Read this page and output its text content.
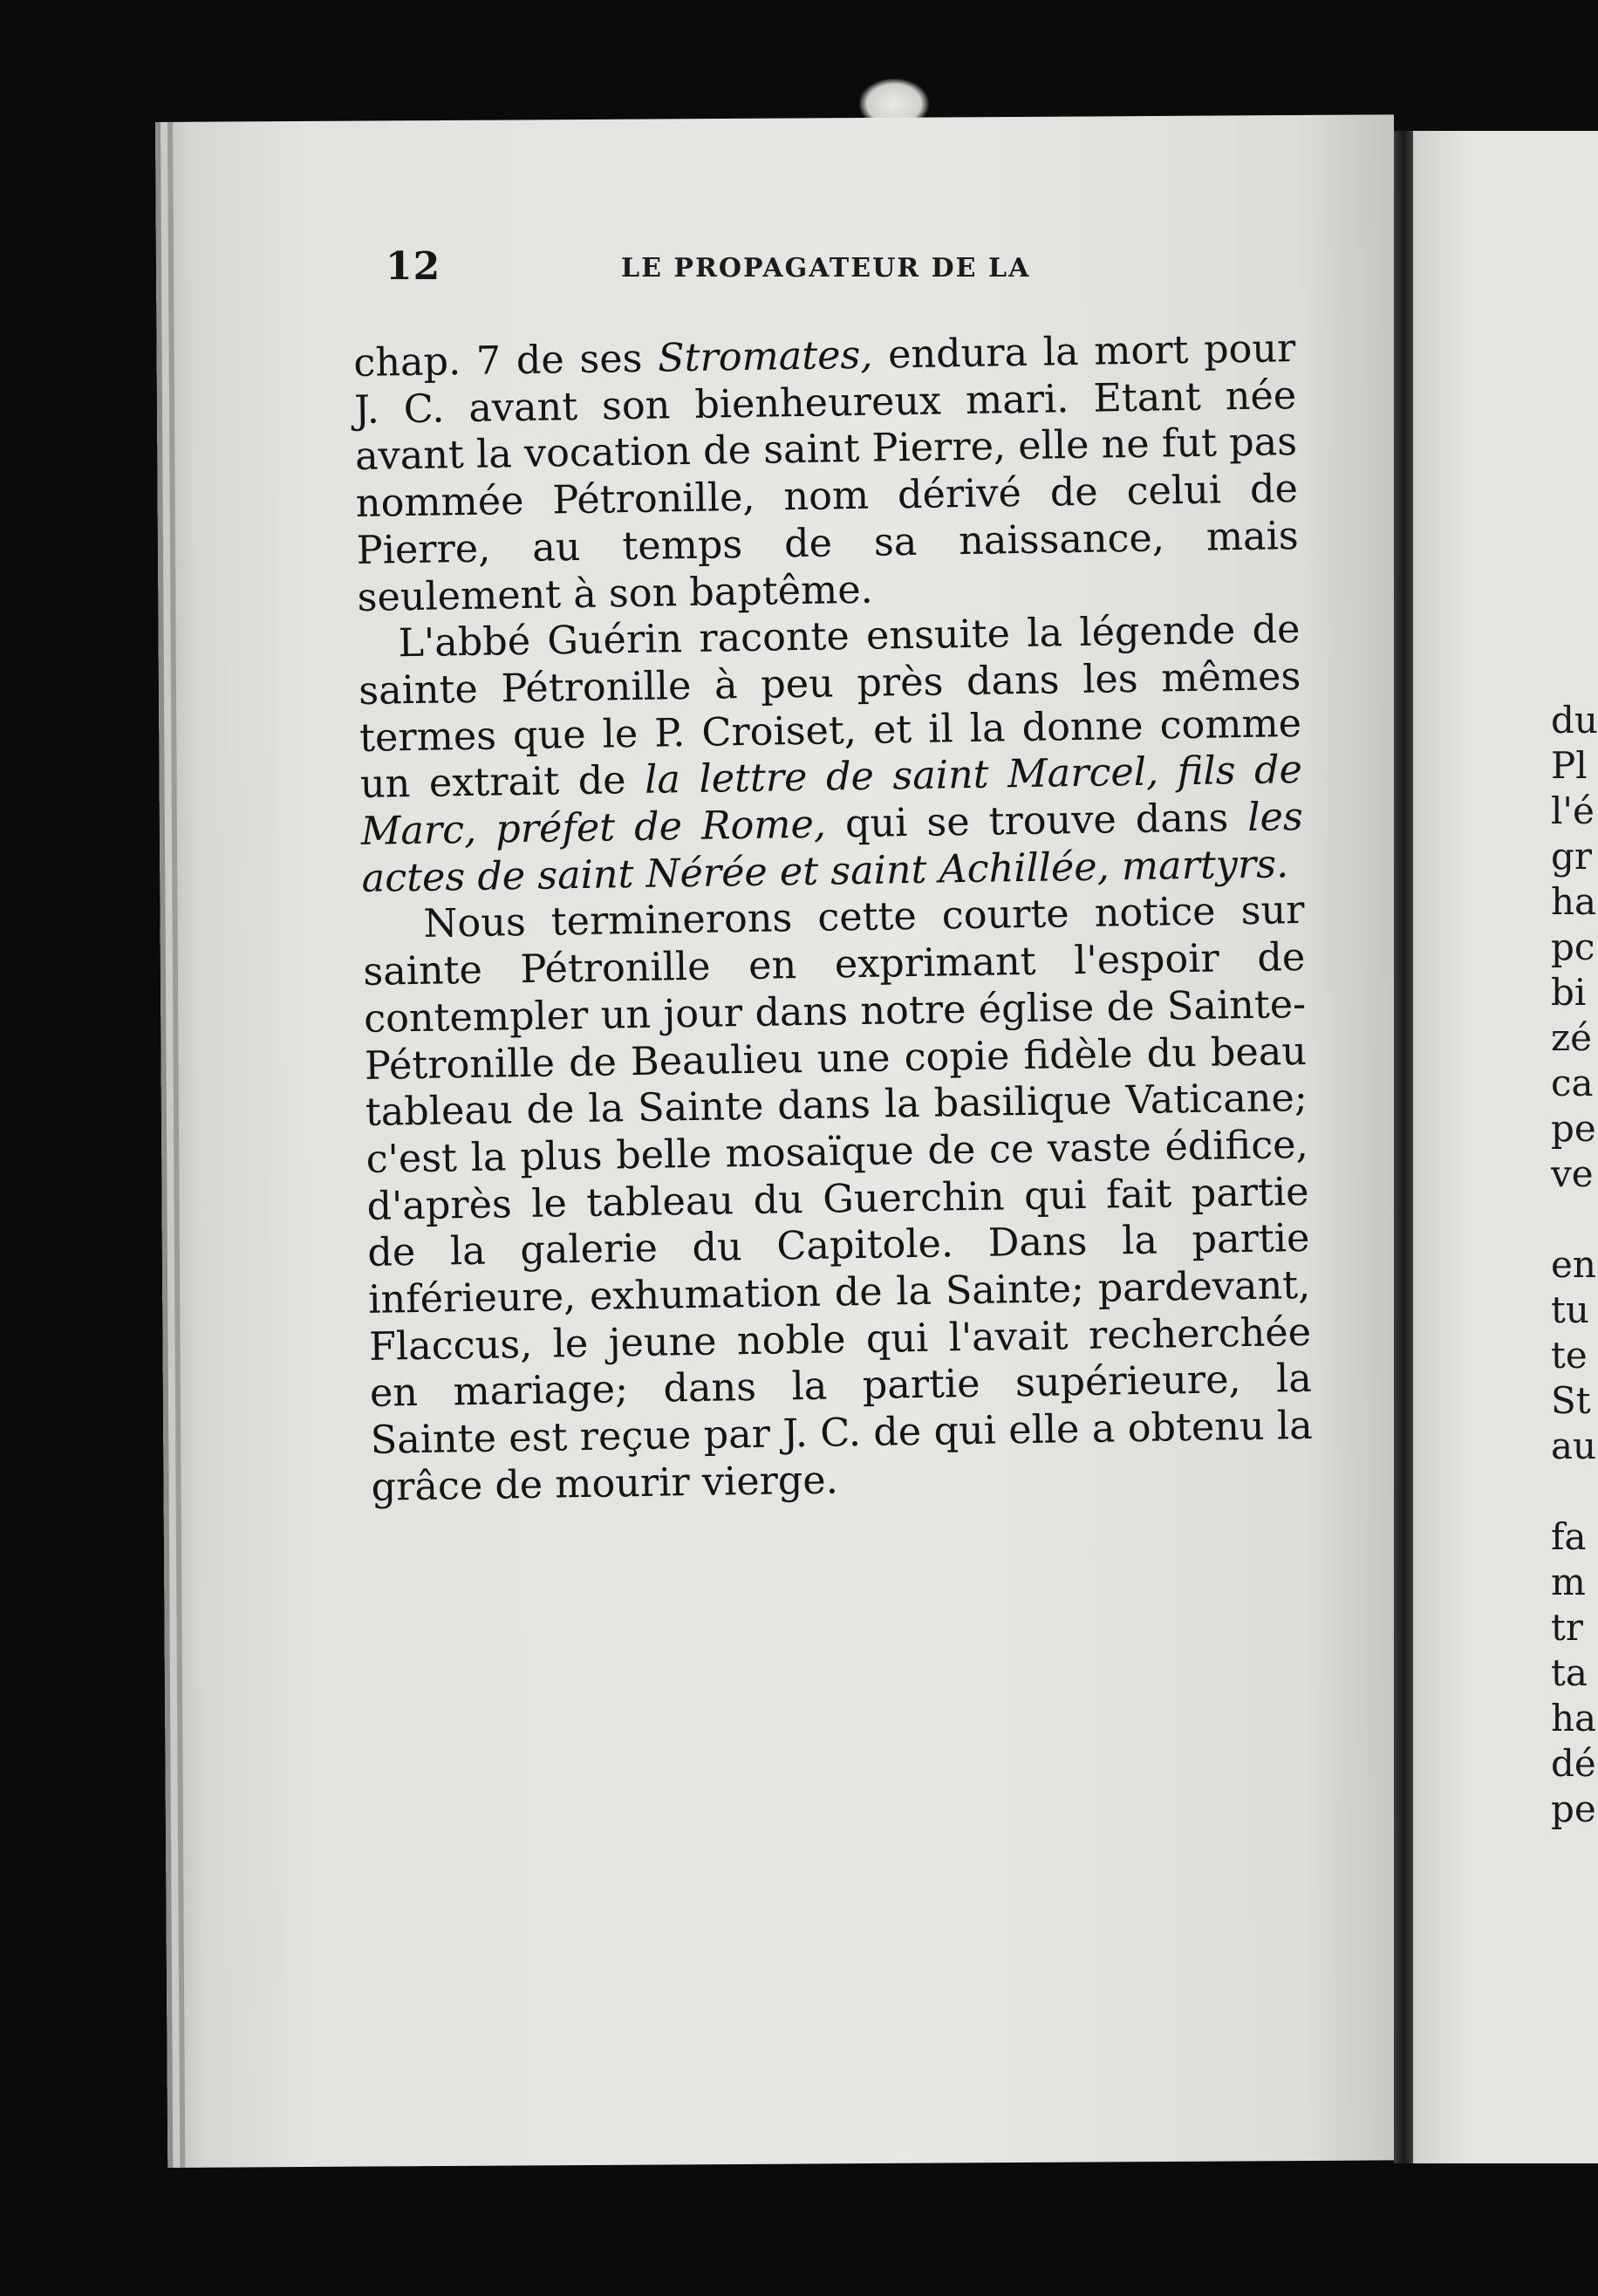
12	LE PROPAGATEUR DE LA

chap. 7 de ses Stromates, endura la mort pour J. C. avant son bienheureux mari. Etant née avant la vocation de saint Pierre, elle ne fut pas nommée Pétronille, nom dérivé de celui de Pierre, au temps de sa naissance, mais seulement à son baptême.

L'abbé Guérin raconte ensuite la légende de sainte Pétronille à peu près dans les mêmes termes que le P. Croiset, et il la donne comme un extrait de la lettre de saint Marcel, fils de Marc, préfet de Rome, qui se trouve dans les actes de saint Nérée et saint Achillée, martyrs.

Nous terminerons cette courte notice sur sainte Pétronille en exprimant l'espoir de contempler un jour dans notre église de Sainte-Pétronille de Beaulieu une copie fidèle du beau tableau de la Sainte dans la basilique Vaticane; c'est la plus belle mosaïque de ce vaste édifice, d'après le tableau du Guerchin qui fait partie de la galerie du Capitole. Dans la partie inférieure, exhumation de la Sainte; pardevant, Flaccus, le jeune noble qui l'avait recherchée en mariage; dans la partie supérieure, la Sainte est reçue par J. C. de qui elle a obtenu la grâce de mourir vierge.

du
Pl
l'é
gr
ha
pc
bi
zé
ca
pe
ve
en
tu
te
St
au
fa
m
tr
ta
ha
dé
pe
